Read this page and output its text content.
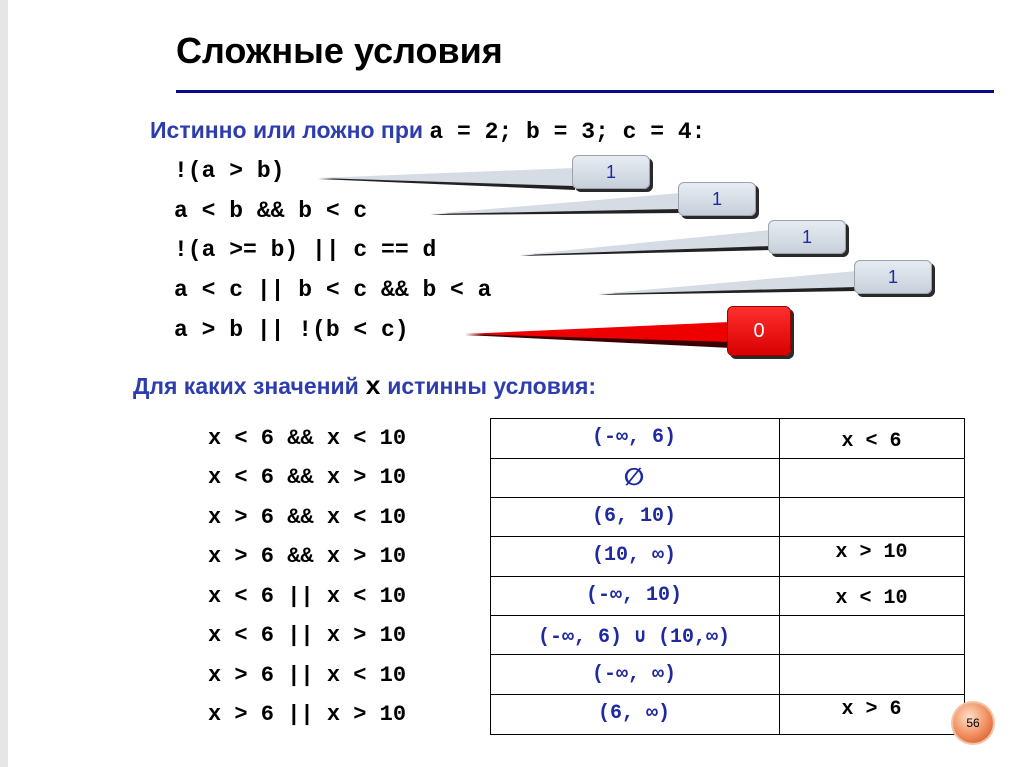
Сложные условия
Истинно или ложно при a = 2; b = 3; c = 4:
!(a > b)
a < b && b < c
!(a >= b) || c == d
a < c || b < c && b < a
a > b || !(b < c)
1
1
1
1
0
Для каких значений x истинны условия:
x < 6 && x < 10
x < 6 && x > 10
x > 6 && x < 10
x > 6 && x > 10
x < 6 || x < 10
x < 6 || x > 10
x > 6 || x < 10
x > 6 || x > 10
(-∞, 6)
∅
(6, 10)
(10, ∞)
(-∞, 10)
(-∞, 6) ∪ (10,∞)
(-∞, ∞)
(6, ∞)
x < 6
x > 10
x < 10
x > 6
56
